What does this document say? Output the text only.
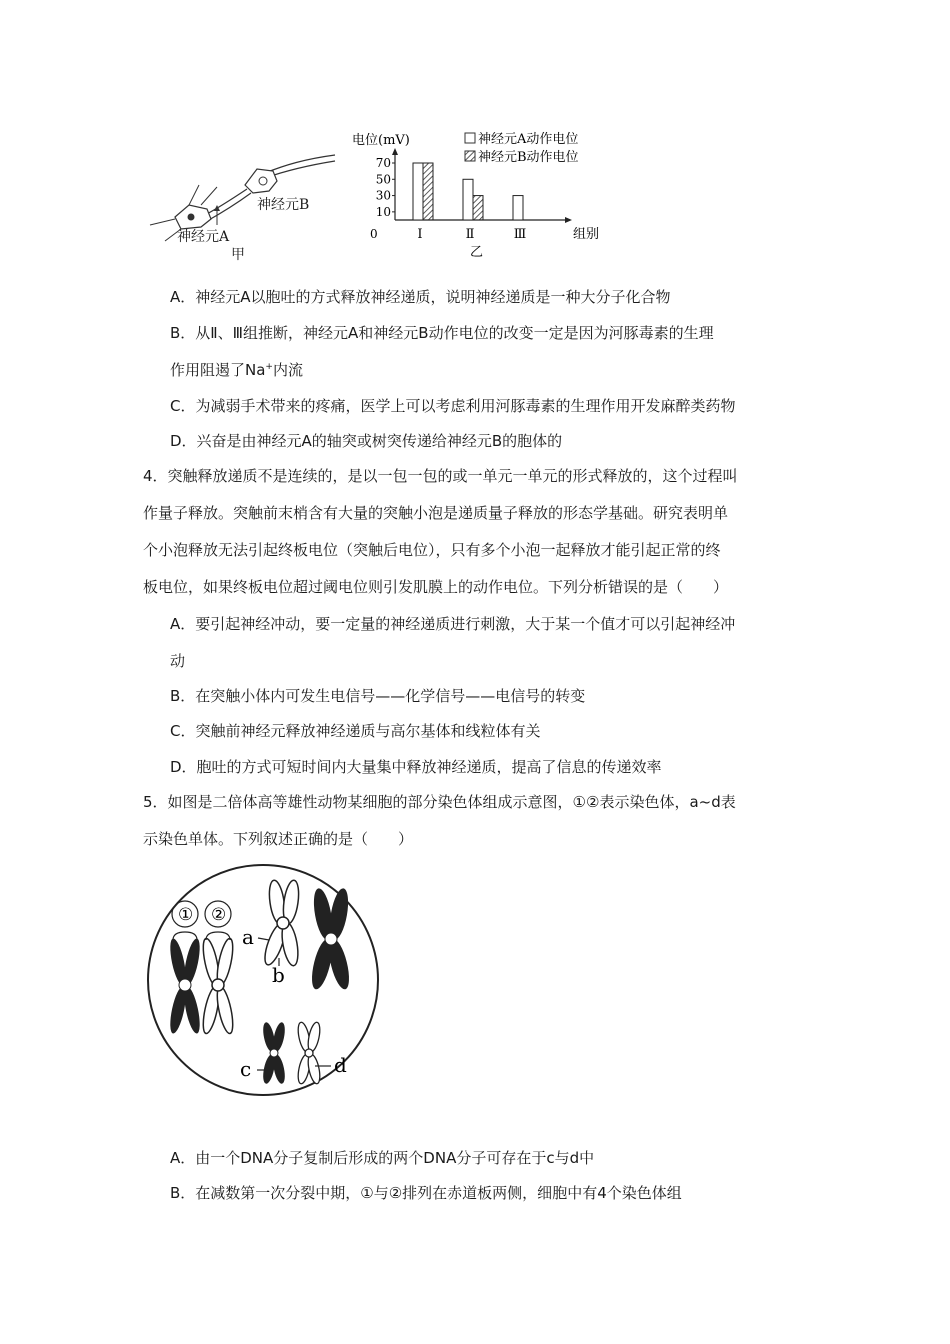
神经元B
神经元A
甲
电位(mV)
组别
0
乙
70
50
30
10
Ⅰ	Ⅱ	Ⅲ
神经元A动作电位
神经元B动作电位
A．神经元A以胞吐的方式释放神经递质，说明神经递质是一种大分子化合物
B．从Ⅱ、Ⅲ组推断，神经元A和神经元B动作电位的改变一定是因为河豚毒素的生理
作用阻遏了Na+内流
C．为减弱手术带来的疼痛，医学上可以考虑利用河豚毒素的生理作用开发麻醉类药物
D．兴奋是由神经元A的轴突或树突传递给神经元B的胞体的
4．突触释放递质不是连续的，是以一包一包的或一单元一单元的形式释放的，这个过程叫
作量子释放。突触前末梢含有大量的突触小泡是递质量子释放的形态学基础。研究表明单
个小泡释放无法引起终板电位（突触后电位），只有多个小泡一起释放才能引起正常的终
板电位，如果终板电位超过阈电位则引发肌膜上的动作电位。下列分析错误的是（　　）
A．要引起神经冲动，要一定量的神经递质进行刺激，大于某一个值才可以引起神经冲
动
B．在突触小体内可发生电信号——化学信号——电信号的转变
C．突触前神经元释放神经递质与高尔基体和线粒体有关
D．胞吐的方式可短时间内大量集中释放神经递质，提高了信息的传递效率
5．如图是二倍体高等雄性动物某细胞的部分染色体组成示意图，①②表示染色体，a~d表
示染色单体。下列叙述正确的是（　　）
① ②
a
b
c	d
A．由一个DNA分子复制后形成的两个DNA分子可存在于c与d中
B．在减数第一次分裂中期，①与②排列在赤道板两侧，细胞中有4个染色体组
